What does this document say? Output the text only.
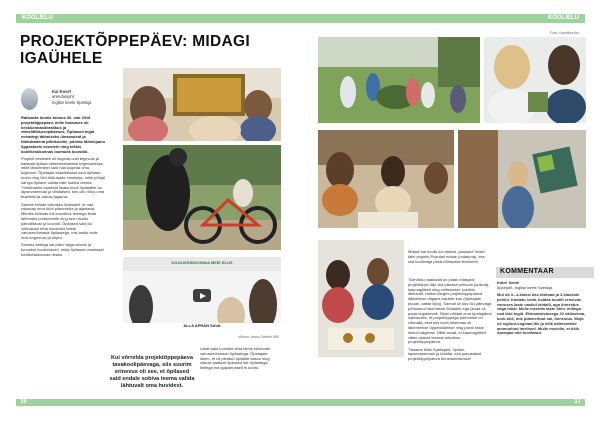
KOOLIELU
PROJEKTÕPPEPÄEV: MIDAGI IGAÜHELE
Kai Koort
arendusjuht
Inglise keele Spetsija

Rahamäe koolis toimus 30. mai 2018 projektõppepäev, mille fookuses oli keskkonnasõbralikus ja ettevõtlikkusepäikeses. Õpilased tegid eesmärgi täitmiseks ülesandeid ja töötubadena põhikoolile, pööras tähelepanu õppeainete seostele ning tekkis koolikeskkonnas loomulik koostöö.

Projekti eesmärk oli kogeda uusi tegevusi ja kaasata õpilasi mitmekesistesse tegevustesse, mille läbiviimisel said nad kogeda oma tugevusi. Õpetajad kaardistasid oma õpilaste huvid ning lõid töötubade nimekirja, mille põhjal sai iga õpilane valida talle sobiva teema. Töötubades osalesid lisaks kooli õpilastele ka lapsevanemad ja vilistlased, kes olid nõus oma teadmisi ja oskusi jagama.

Samuti eeldati tulevikku õpilastelt, et nad oskavad oma tööd planeerida ja ajastada. Mitmes töötoas tuli koostöös teistega leida lahendus probleemile ning see nõudis paindlikkust ja loovust. Õpilased said ka võimaluse teha koostööd teiste vanuserühmade õpilastega, mis andis neile uusi kogemusi ja sõpru.

Seoses sellega sai päev väga rahulik ja turvaline kooliolukord, mida õpilased nimetasid koolikeskkonnas heaks.

KOOLIKESKKONNA MEIE ELUS
ALLA APRAN SAVA
Videos: Anne-Grethel Billi
Kui võrrelda projektõppepäeva tavakoolipäevaga, siis suurim erinevus oli see, et õpilased said endale sobiva teema valida lähtuvalt oma huvidest.

Laste said koostöö teha tiimis erinevate vanuserühmade õpilastega. Õpetajate laiem, et nii piiratud õpilaste kasvu ning oskusi saaksid õpilased ise õpilastega, kellega ma igapäevaselt ei kohtu.

16
KOOLIELU
Foto: Karoliina Alu

Mõiste sai koolis ka väikest „pusulad“ teiste täiel projekti Pusulad maale (ootatuna), kes olid koolimaja pesä rõõmsasti terviseelt.

Tulevikku vaatavalt on plaan edaspidi projektõppe läbi viia pikema perioodi (uuleva), kasmagiliselt ning valitsemise koolielu lähtuvalt. Hetkel langes projektõppepäeva läbiviimise vägaes sisulise kuu (õpetajate puude, aasta lõpp). Samuti oli üks lõu päevaga põhinenud teemasse õhtustes ega (kuda oli parta tegutsevalt. Siiski näidati oma õpetajatest valmisolek, et projektõppega (ideemise on võimalik, sest ses kooli tutsemas oli lähenemise õppetöödelise ning panni taste olinud nägema. Oliist arvati, et kasmagiliselt väiks osatud teemat tulevikus projektõppepäeva.

Täname kõiki Spetsijaid, õpilasi, lapsevanemaid ja külalisi, kes panustasid projektõppepäeva õnnestumisesse!

KOMMENTAAR

Katre Selde

õppejuht, Inglise keele Spetsija

Mul oli 3.–4.klassi üks töötoad ja 3.klasside pehlid. Kaetatu seda, kuidas koolilt erinevas vanuses laste vaskol lohtalli, aga õnnestus väga hästi. Mulle meeldis laste õhin, millega nad töid tegid. Ettevalmistusega 20 väikseima, kurb küll, mis planeeritud sai, õnnestus. Moja oli sigitud-voginad tiik ja kõik kahnerastid ammuohud imelised. Mulle meeldis, et kõik õpetajad olid huvitatud.

17
